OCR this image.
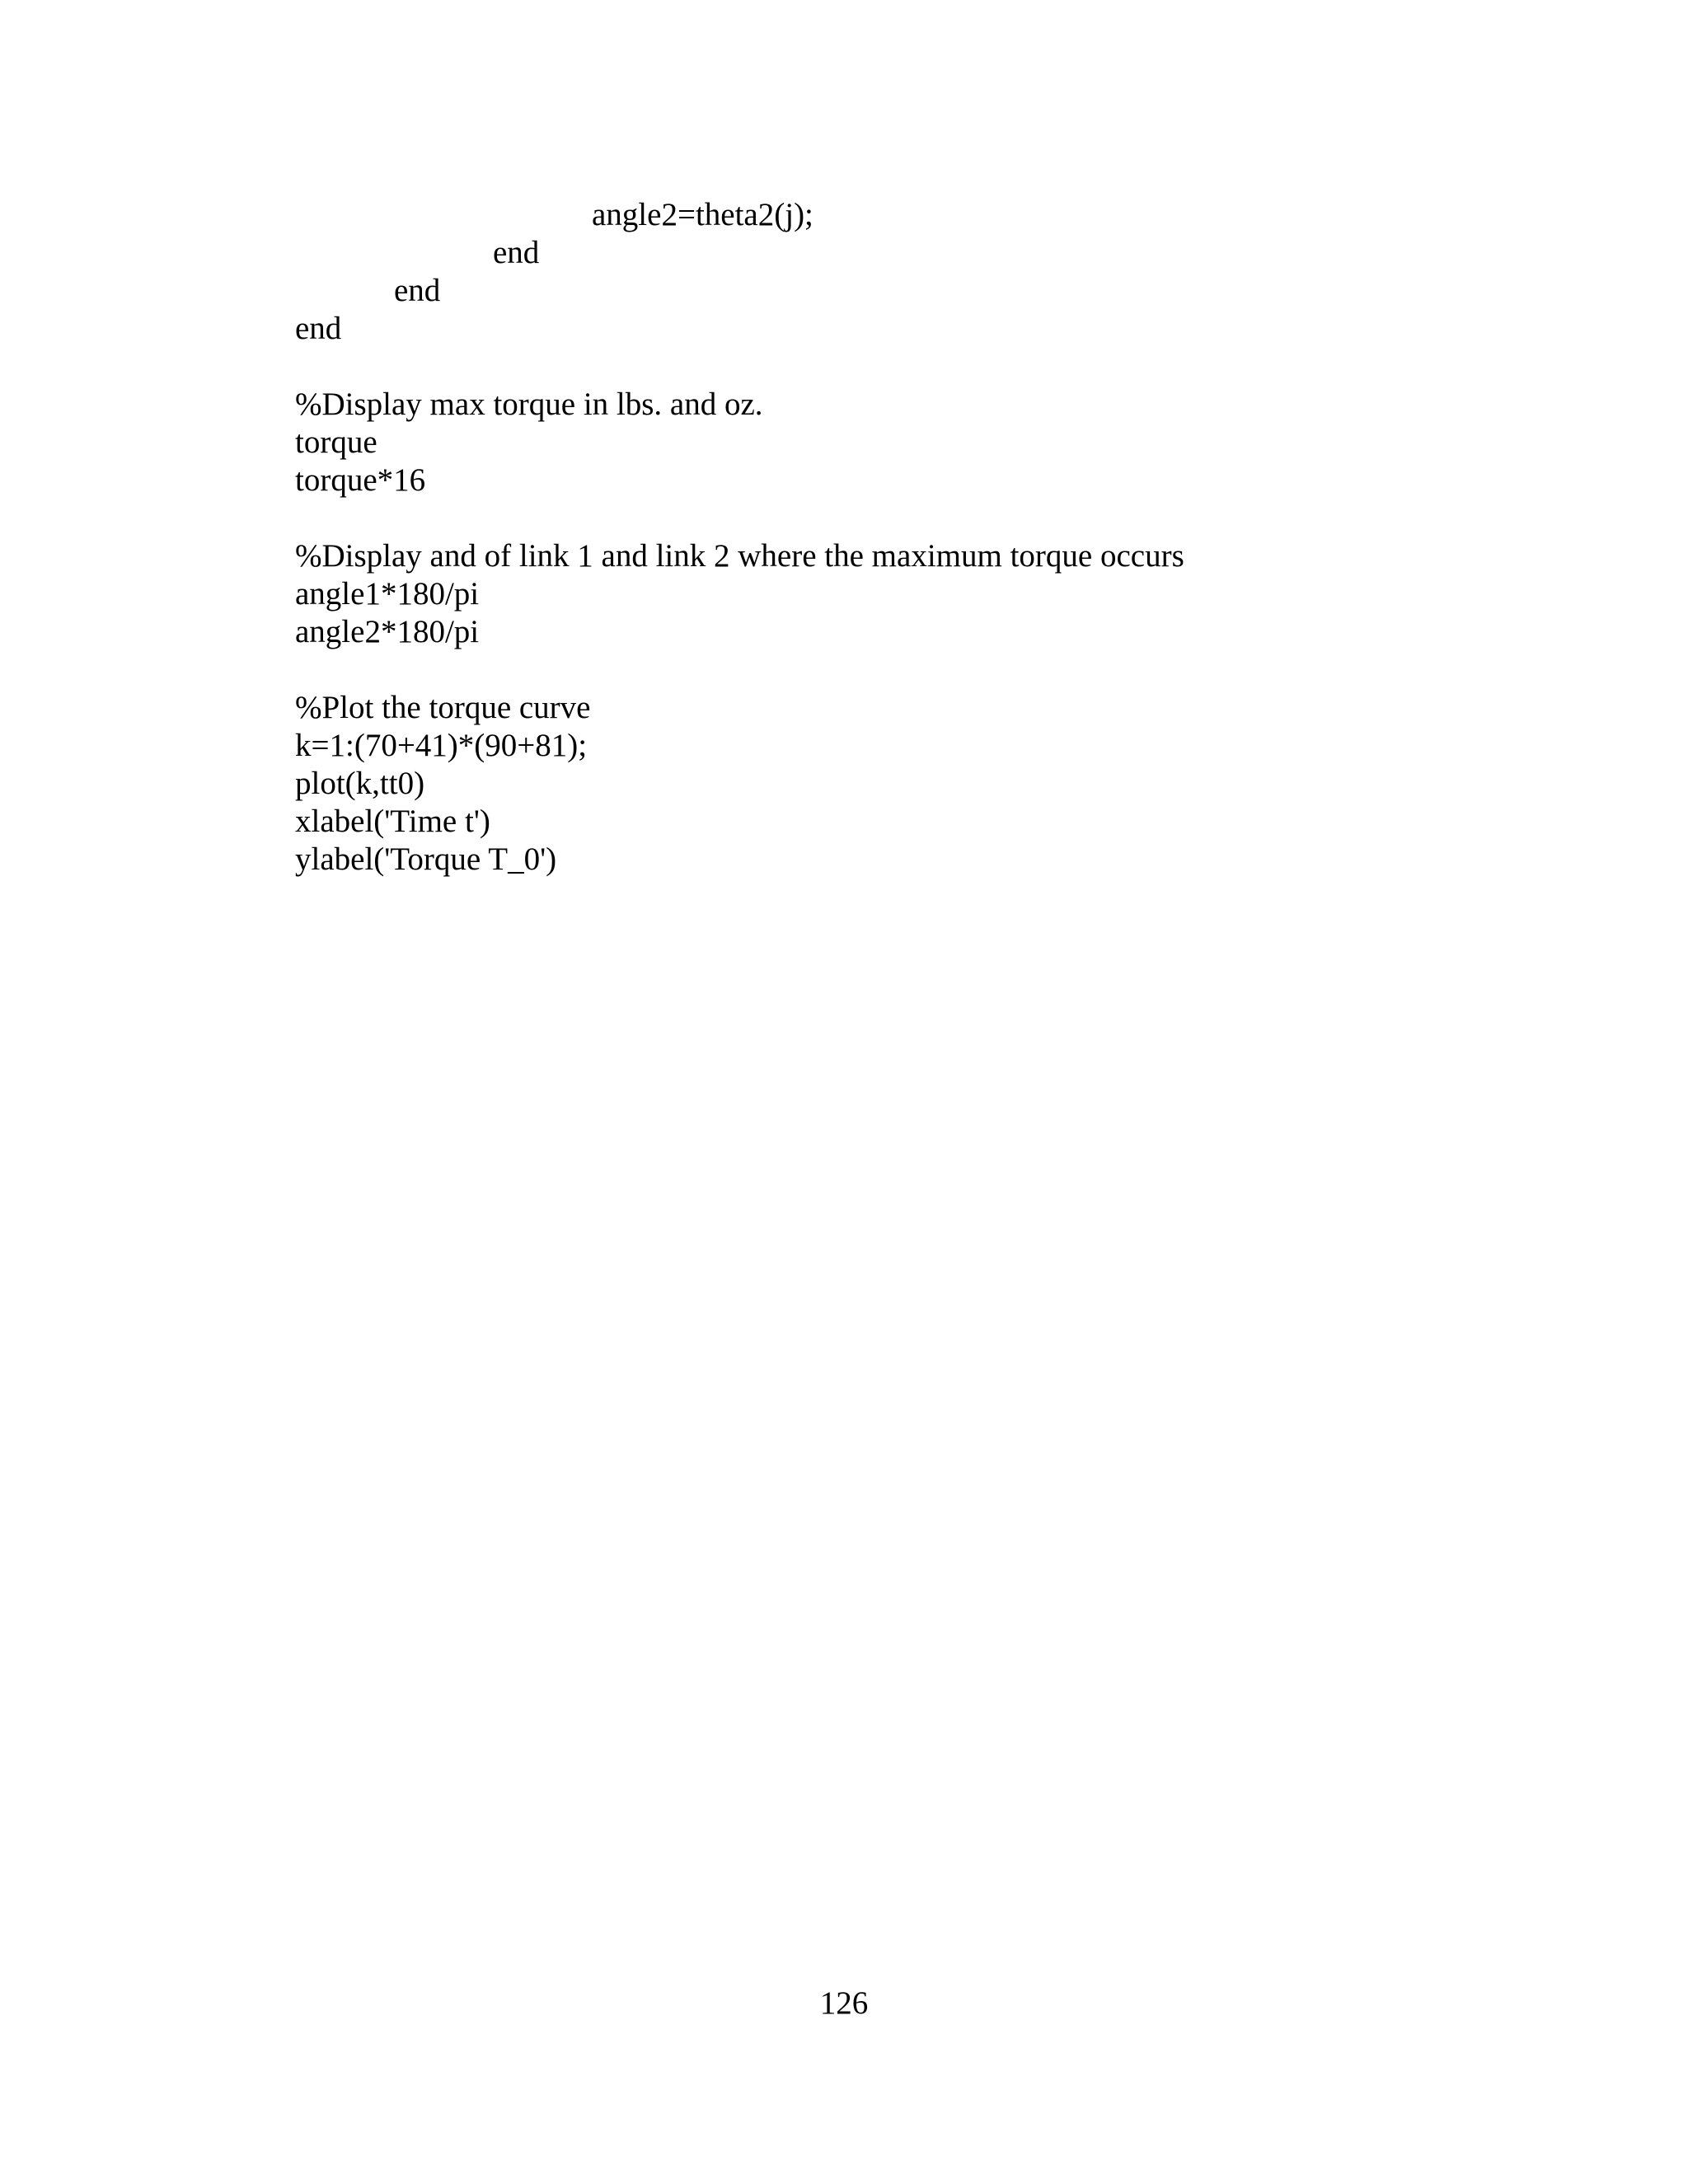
angle2=theta2(j);
end
end
end
%Display max torque in lbs. and oz.
torque
torque*16
%Display and of link 1 and link 2 where the maximum torque occurs
angle1*180/pi
angle2*180/pi
%Plot the torque curve
k=1:(70+41)*(90+81);
plot(k,tt0)
xlabel('Time t')
ylabel('Torque T_0')
126
